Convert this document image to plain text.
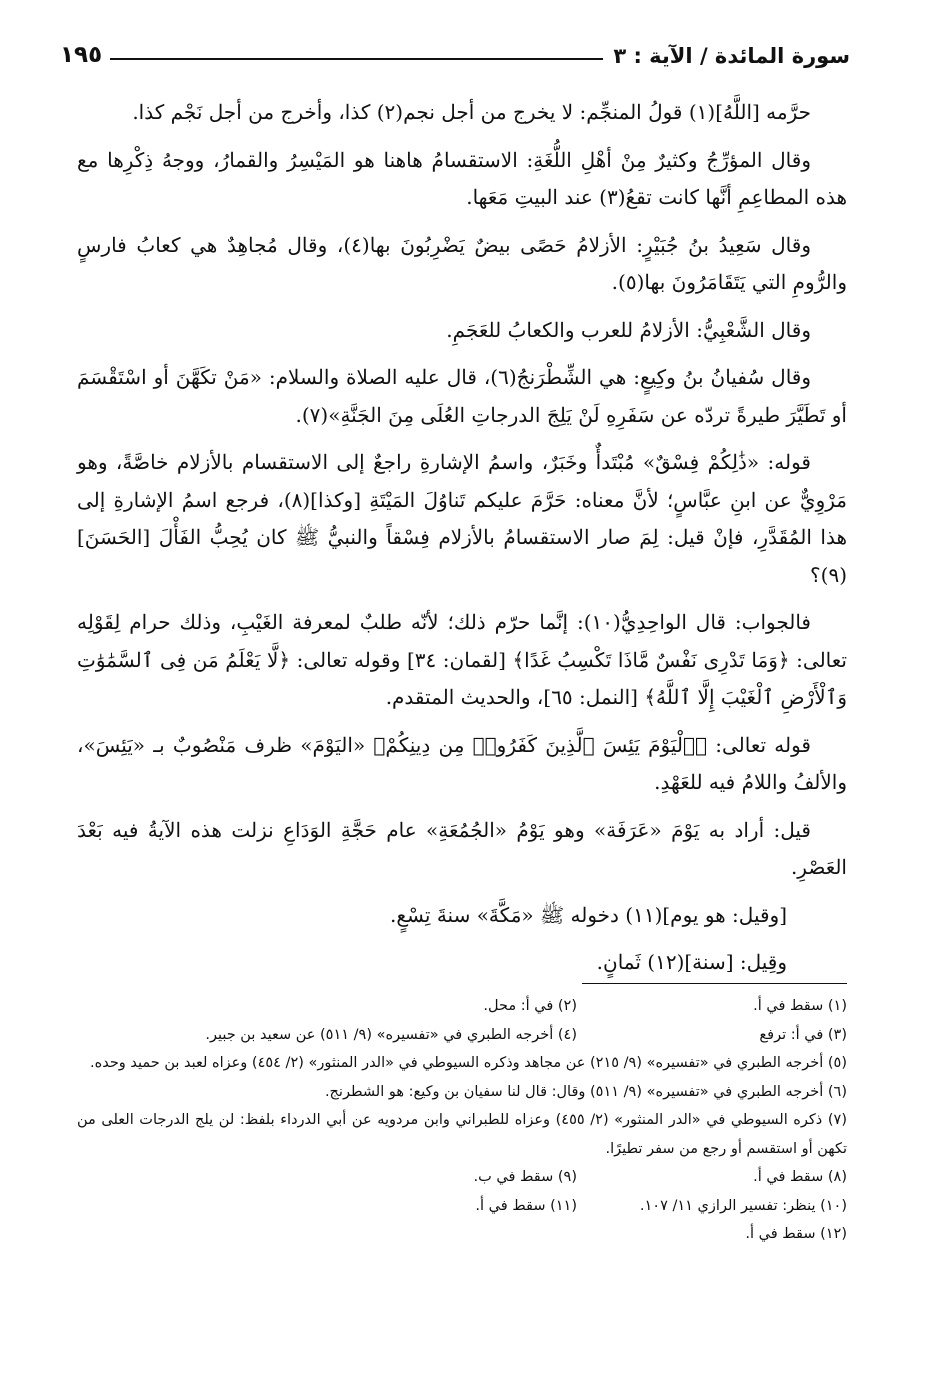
سورة المائدة / الآية : ٣
١٩٥

حرَّمه [اللَّهُ](١) قولُ المنجِّم: لا يخرج من أجل نجم(٢) كذا، وأخرج من أجل نَجْم كذا.

وقال المؤرِّجُ وكثيرٌ مِنْ أهْلِ اللُّغَةِ: الاستقسامُ هاهنا هو المَيْسِرُ والقمارُ، ووجهُ ذِكْرِها مع هذه المطاعِمِ أنَّها كانت تقعُ(٣) عند البيتِ مَعَها.

وقال سَعِيدُ بنُ جُبَيْرٍ: الأزلامُ حَصًى بيضٌ يَضْرِبُونَ بها(٤)، وقال مُجاهِدٌ هي كعابُ فارسٍ والرُّومِ التي يَتَقَامَرُونَ بها(٥).

وقال الشَّعْبِيُّ: الأزلامُ للعرب والكعابُ للعَجَمِ.

وقال سُفيانُ بنُ وكِيعٍ: هي الشِّطْرَنجُ(٦)، قال عليه الصلاة والسلام: «مَنْ تكَهَّنَ أو اسْتَقْسَمَ أو تَطَيَّرَ طيرةً تردّه عن سَفَرِهِ لَنْ يَلِجَ الدرجاتِ العُلَى مِنَ الجَنَّةِ»(٧).

قوله: «ذَٰلِكُمْ فِسْقٌ» مُبْتَدأٌ وخَبَرٌ، واسمُ الإشارةِ راجعٌ إلى الاستقسام بالأزلام خاصَّةً، وهو مَرْوِيٌّ عن ابنِ عبَّاسٍ؛ لأنَّ معناه: حَرَّمَ عليكم تَناوُلَ المَيْتَةِ [وكذا](٨)، فرجع اسمُ الإشارةِ إلى هذا المُقَدَّرِ، فإنْ قيل: لِمَ صار الاستقسامُ بالأزلام فِسْقاً والنبيُّ ﷺ كان يُحِبُّ الفَأْلَ [الحَسَنَ](٩)؟

فالجواب: قال الواحِدِيُّ(١٠): إنَّما حرّم ذلك؛ لأنّه طلبٌ لمعرفة الغَيْبِ، وذلك حرام لِقَوْلِه تعالى: ﴿وَمَا تَدْرِى نَفْسٌ مَّاذَا تَكْسِبُ غَدًا﴾ [لقمان: ٣٤] وقوله تعالى: ﴿لَّا يَعْلَمُ مَن فِى ٱلسَّمَٰوَٰتِ وَٱلْأَرْضِ ٱلْغَيْبَ إِلَّا ٱللَّهُ﴾ [النمل: ٦٥]، والحديث المتقدم.

قوله تعالى: ﴿ٱلْيَوْمَ يَئِسَ ٱلَّذِينَ كَفَرُوا۟ مِن دِينِكُمْ﴾ «اليَوْمَ» ظرف مَنْصُوبٌ بـ «يَئِسَ»، والألفُ واللامُ فيه للعَهْدِ.

قيل: أراد به يَوْمَ «عَرَفَة» وهو يَوْمُ «الجُمُعَةِ» عام حَجَّةِ الوَدَاعِ نزلت هذه الآيةُ فيه بَعْدَ العَصْرِ.

[وقيل: هو يوم](١١) دخوله ﷺ «مَكَّةَ» سنةَ تِسْعٍ.

وقِيل: [سنة](١٢) ثَمانٍ.

(١) سقط في أ.
(٢) في أ: محل.
(٣) في أ: ترفع
(٤) أخرجه الطبري في «تفسيره» (٩/ ٥١١) عن سعيد بن جبير.
(٥) أخرجه الطبري في «تفسيره» (٩/ ٢١٥) عن مجاهد وذكره السيوطي في «الدر المنثور» (٢/ ٤٥٤) وعزاه لعبد بن حميد وحده.
(٦) أخرجه الطبري في «تفسيره» (٩/ ٥١١) وقال: قال لنا سفيان بن وكيع: هو الشطرنج.
(٧) ذكره السيوطي في «الدر المنثور» (٢/ ٤٥٥) وعزاه للطبراني وابن مردويه عن أبي الدرداء بلفظ: لن يلج الدرجات العلى من تكهن أو استقسم أو رجع من سفر تطيرًا.
(٨) سقط في أ.
(٩) سقط في ب.
(١٠) ينظر: تفسير الرازي ١١/ ١٠٧.
(١١) سقط في أ.
(١٢) سقط في أ.
